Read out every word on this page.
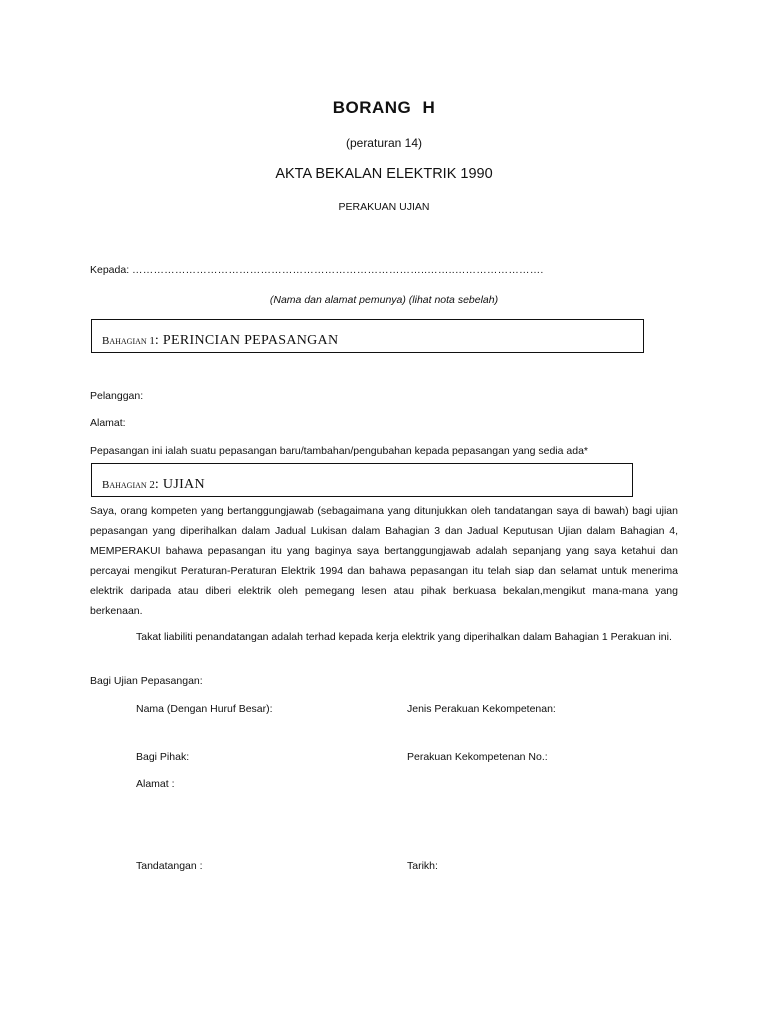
BORANG H
(peraturan 14)
AKTA BEKALAN ELEKTRIK 1990
PERAKUAN UJIAN
Kepada: ………………………………………………………………………..……..…………………….
(Nama dan alamat pemunya) (lihat nota sebelah)
Bahagian 1: PERINCIAN PEPASANGAN
Pelanggan:
Alamat:
Pepasangan ini ialah suatu pepasangan baru/tambahan/pengubahan kepada pepasangan yang sedia ada*
Bahagian 2: UJIAN
Saya, orang kompeten yang bertanggungjawab (sebagaimana yang ditunjukkan oleh tandatangan saya di bawah) bagi ujian pepasangan yang diperihalkan dalam Jadual Lukisan dalam Bahagian 3 dan Jadual Keputusan Ujian dalam Bahagian 4, MEMPERAKUI bahawa pepasangan itu yang baginya saya bertanggungjawab adalah sepanjang yang saya ketahui dan percayai mengikut Peraturan-Peraturan Elektrik 1994 dan bahawa pepasangan itu telah siap dan selamat untuk menerima elektrik daripada atau diberi elektrik oleh pemegang lesen atau pihak berkuasa bekalan,mengikut mana-mana yang berkenaan.
Takat liabiliti penandatangan adalah terhad kepada kerja elektrik yang diperihalkan dalam Bahagian 1 Perakuan ini.
Bagi Ujian Pepasangan:
Nama (Dengan Huruf Besar):	Jenis Perakuan Kekompetenan:
Bagi Pihak:	Perakuan Kekompetenan No.:
Alamat :
Tandatangan :	Tarikh:
